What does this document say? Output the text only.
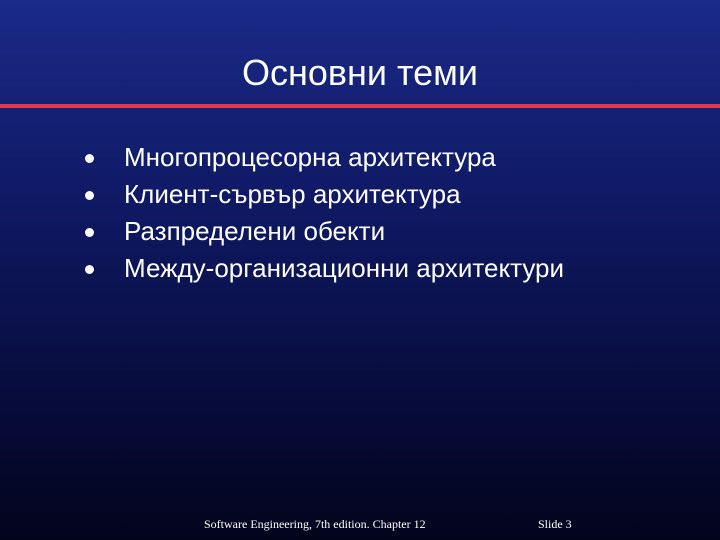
Основни теми
Многопроцесорна архитектура
Клиент-сървър архитектура
Разпределени обекти
Между-организационни архитектури
Software Engineering, 7th edition. Chapter 12	Slide 3
